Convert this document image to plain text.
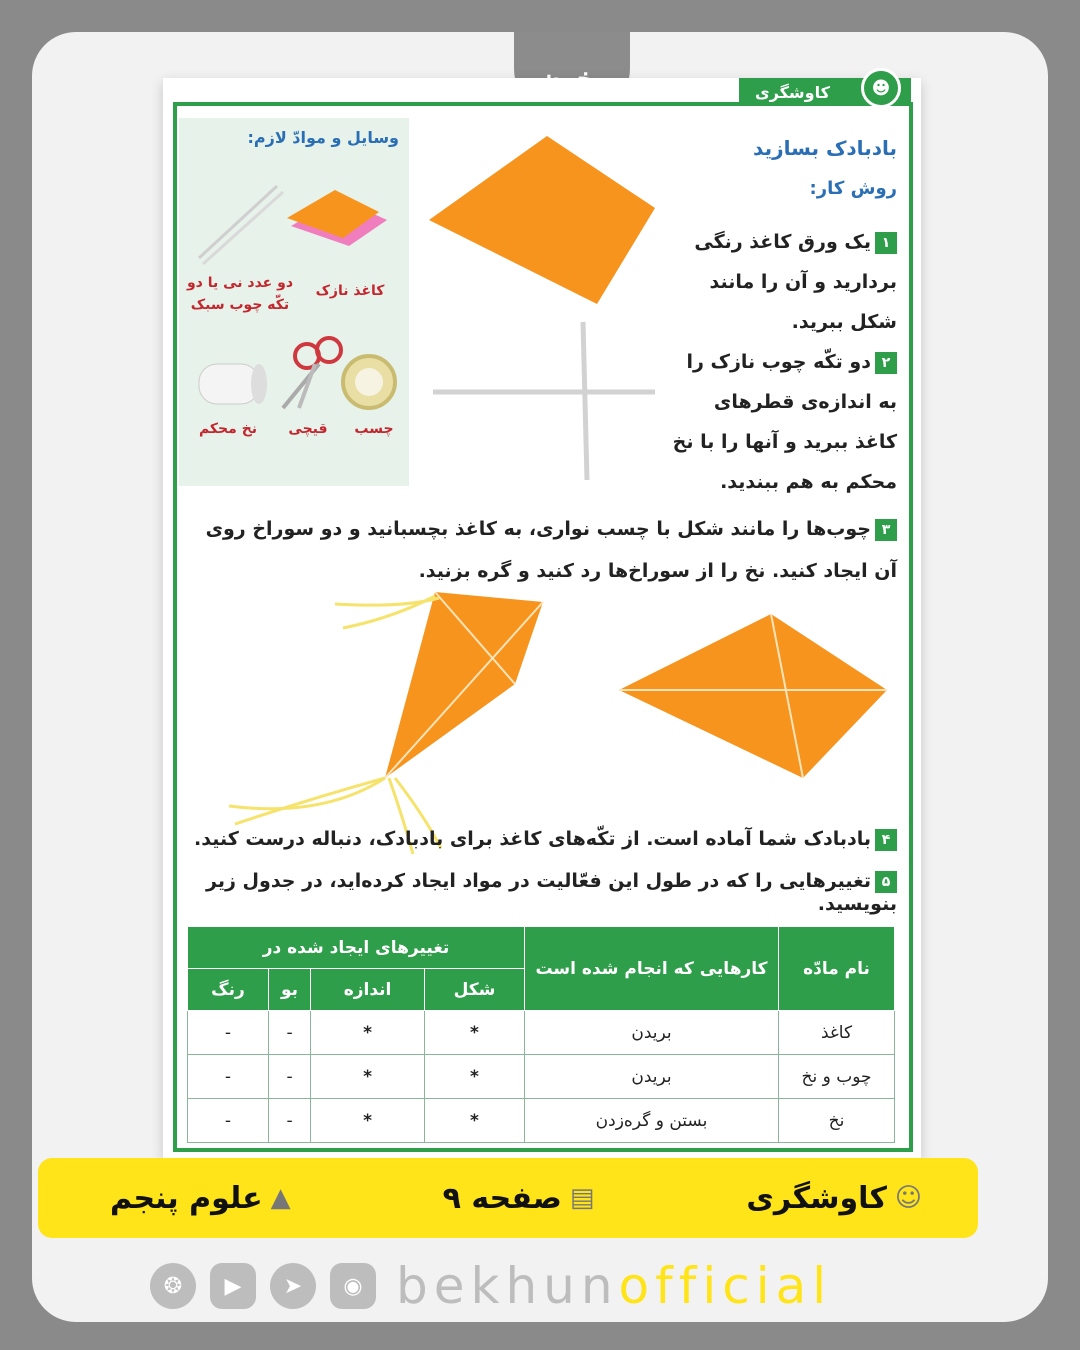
کاوشگری	☻
وسایل و موادّ لازم:
کاغذ نازک
دو عدد نی یا دو تکّه چوب سبک
نخ محکم	قیچی	چسب
بادبادک بسازید
روش کار:
۱یک ورق کاغذ رنگی بردارید و آن را مانند شکل ببرید.
۲دو تکّه چوب نازک را به اندازه‌ی قطرهای کاغذ ببرید و آنها را با نخ محکم به هم ببندید.
۳چوب‌ها را مانند شکل با چسب نواری، به کاغذ بچسبانید و دو سوراخ روی آن ایجاد کنید. نخ را از سوراخ‌ها رد کنید و گره بزنید.
۴بادبادک شما آماده است. از تکّه‌های کاغذ برای بادبادک، دنباله درست کنید.
۵تغییرهایی را که در طول این فعّالیت در مواد ایجاد کرده‌اید، در جدول زیر بنویسید.
نام مادّه	کارهایی که انجام شده است	تغییرهای ایجاد شده در			
		شکل	اندازه	بو	رنگ
کاغذ	بریدن	*	*	-	-
چوب و نخ	بریدن	*	*	-	-
نخ	بستن و گره‌زدن	*	*	-	-
☺
کاوشگری
▤
صفحه ۹
▲
علوم پنجم
❂	▶	➤	◉ bekhunofficial
